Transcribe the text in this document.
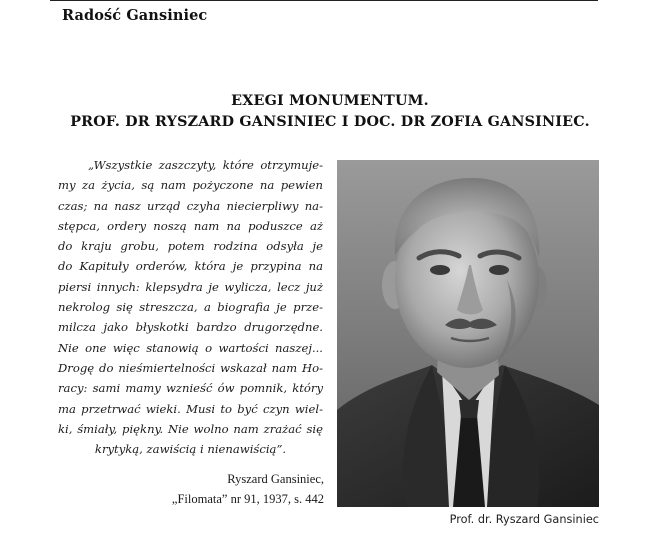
Radość Gansiniec
EXEGI MONUMENTUM.
PROF. DR RYSZARD GANSINIEC I DOC. DR ZOFIA GANSINIEC.
„Wszystkie zaszczyty, które otrzymuje-
my za życia, są nam pożyczone na pewien
czas; na nasz urząd czyha niecierpliwy na-
stępca, ordery noszą nam na poduszce aż
do kraju grobu, potem rodzina odsyła je
do Kapituły orderów, która je przypina na
piersi innych: klepsydra je wylicza, lecz już
nekrolog się streszcza, a biografia je prze-
milcza jako błyskotki bardzo drugorzędne.
Nie one więc stanowią o wartości naszej...
Drogę do nieśmiertelności wskazał nam Ho-
racy: sami mamy wznieść ów pomnik, który
ma przetrwać wieki. Musi to być czyn wiel-
ki, śmiały, piękny. Nie wolno nam zrażać się
krytyką, zawiścią i nienawiścią”.
Ryszard Gansiniec,
„Filomata” nr 91, 1937, s. 442
Prof. dr. Ryszard Gansiniec
